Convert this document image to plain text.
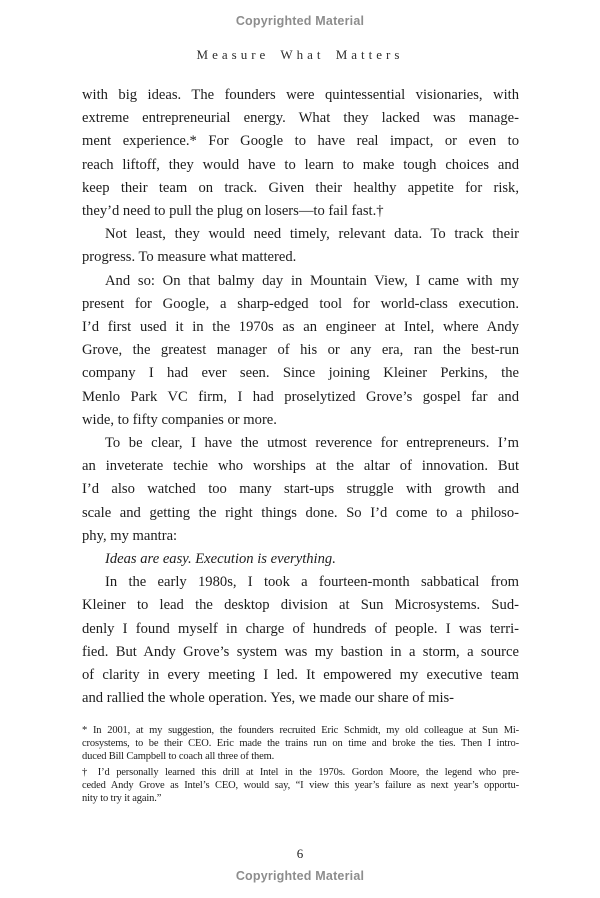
Copyrighted Material
Measure What Matters

with big ideas. The founders were quintessential visionaries, with
extreme entrepreneurial energy. What they lacked was manage-
ment experience.* For Google to have real impact, or even to
reach liftoff, they would have to learn to make tough choices and
keep their team on track. Given their healthy appetite for risk,
they’d need to pull the plug on losers—to fail fast.†

Not least, they would need timely, relevant data. To track their
progress. To measure what mattered.

And so: On that balmy day in Mountain View, I came with my
present for Google, a sharp-edged tool for world-class execution.
I’d first used it in the 1970s as an engineer at Intel, where Andy
Grove, the greatest manager of his or any era, ran the best-run
company I had ever seen. Since joining Kleiner Perkins, the
Menlo Park VC firm, I had proselytized Grove’s gospel far and
wide, to fifty companies or more.

To be clear, I have the utmost reverence for entrepreneurs. I’m
an inveterate techie who worships at the altar of innovation. But
I’d also watched too many start-ups struggle with growth and
scale and getting the right things done. So I’d come to a philoso-
phy, my mantra:

Ideas are easy. Execution is everything.

In the early 1980s, I took a fourteen-month sabbatical from
Kleiner to lead the desktop division at Sun Microsystems. Sud-
denly I found myself in charge of hundreds of people. I was terri-
fied. But Andy Grove’s system was my bastion in a storm, a source
of clarity in every meeting I led. It empowered my executive team
and rallied the whole operation. Yes, we made our share of mis-

* In 2001, at my suggestion, the founders recruited Eric Schmidt, my old colleague at Sun Mi-
crosystems, to be their CEO. Eric made the trains run on time and broke the ties. Then I intro-
duced Bill Campbell to coach all three of them.

† I’d personally learned this drill at Intel in the 1970s. Gordon Moore, the legend who pre-
ceded Andy Grove as Intel’s CEO, would say, “I view this year’s failure as next year’s opportu-
nity to try it again.”

6
Copyrighted Material
